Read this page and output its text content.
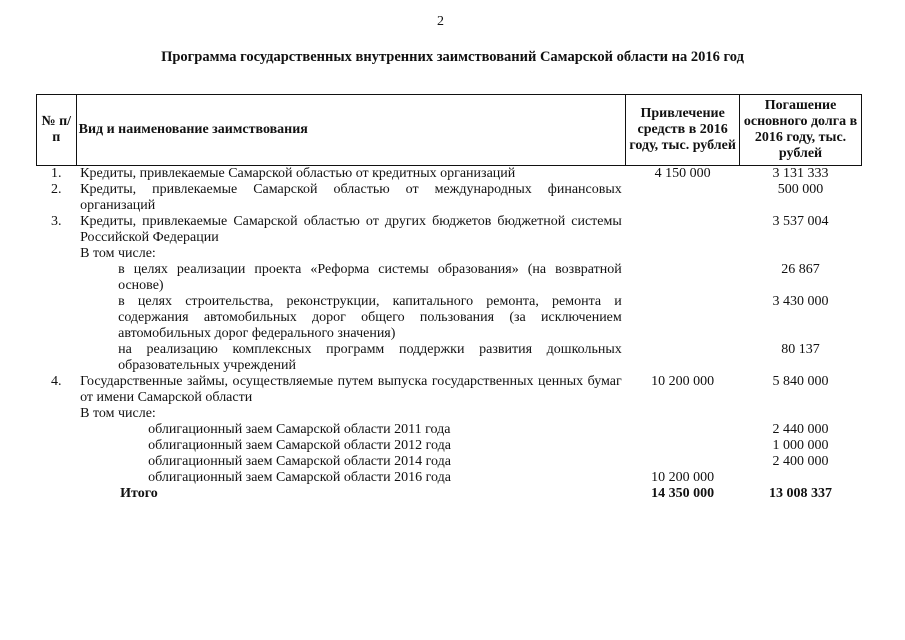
2
Программа государственных внутренних заимствований Самарской области на 2016 год
№ п/п	Вид и наименование заимствования	Привлечение средств в 2016 году, тыс. рублей	Погашение основного долга в 2016 году, тыс. рублей
1.	Кредиты, привлекаемые Самарской областью от кредитных организаций	4 150 000	3 131 333
2.	Кредиты, привлекаемые Самарской областью от международных финансовых организаций		500 000
3.	Кредиты, привлекаемые Самарской областью от других бюджетов бюджетной системы Российской Федерации		3 537 004
	В том числе:		
	в целях реализации проекта «Реформа системы образования» (на возвратной основе)		26 867
	в целях строительства, реконструкции, капитального ремонта, ремонта и содержания автомобильных дорог общего пользования (за исключением автомобильных дорог федерального значения)		3 430 000
	на реализацию комплексных программ поддержки развития дошкольных образовательных учреждений		80 137
4.	Государственные займы, осуществляемые путем выпуска государственных ценных бумаг от имени Самарской области	10 200 000	5 840 000
	В том числе:		
	облигационный заем Самарской области 2011 года		2 440 000
	облигационный заем Самарской области 2012 года		1 000 000
	облигационный заем Самарской области 2014 года		2 400 000
	облигационный заем Самарской области 2016 года	10 200 000	
	Итого	14 350 000	13 008 337
